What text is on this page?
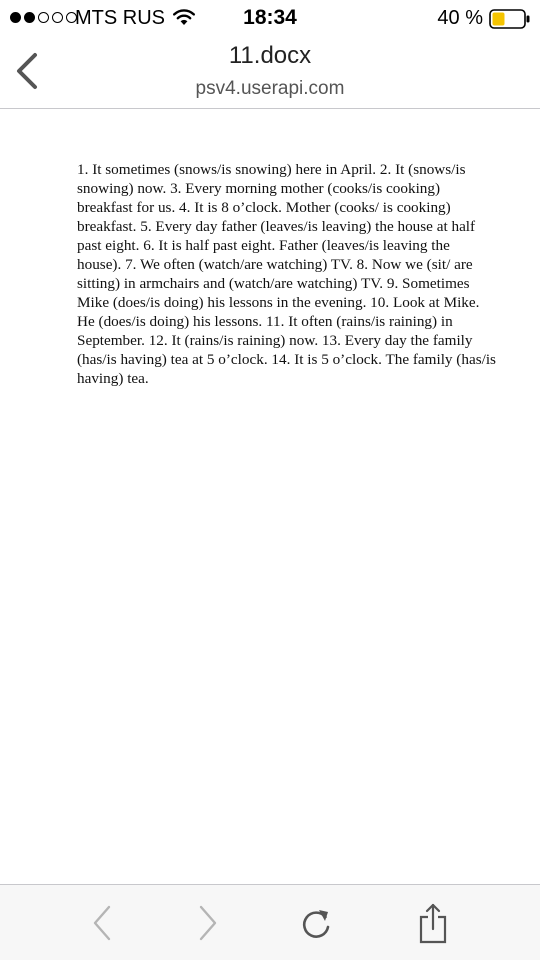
MTS RUS	18:34	40 %
11.docx
psv4.userapi.com

1. It sometimes (snows/is snowing) here in April. 2. It (snows/is snowing) now. 3. Every morning mother (cooks/is cooking) breakfast for us. 4. It is 8 o’clock. Mother (cooks/ is cooking) breakfast. 5. Every day father (leaves/is leaving) the house at half past eight. 6. It is half past eight. Father (leaves/is leaving the house). 7. We often (watch/are watching) TV. 8. Now we (sit/ are sitting) in armchairs and (watch/are watching) TV. 9. Sometimes Mike (does/is doing) his lessons in the evening. 10. Look at Mike. He (does/is doing) his lessons. 11. It often (rains/is raining) in September. 12. It (rains/is raining) now. 13. Every day the family (has/is having) tea at 5 o’clock. 14. It is 5 o’clock. The family (has/is having) tea.
